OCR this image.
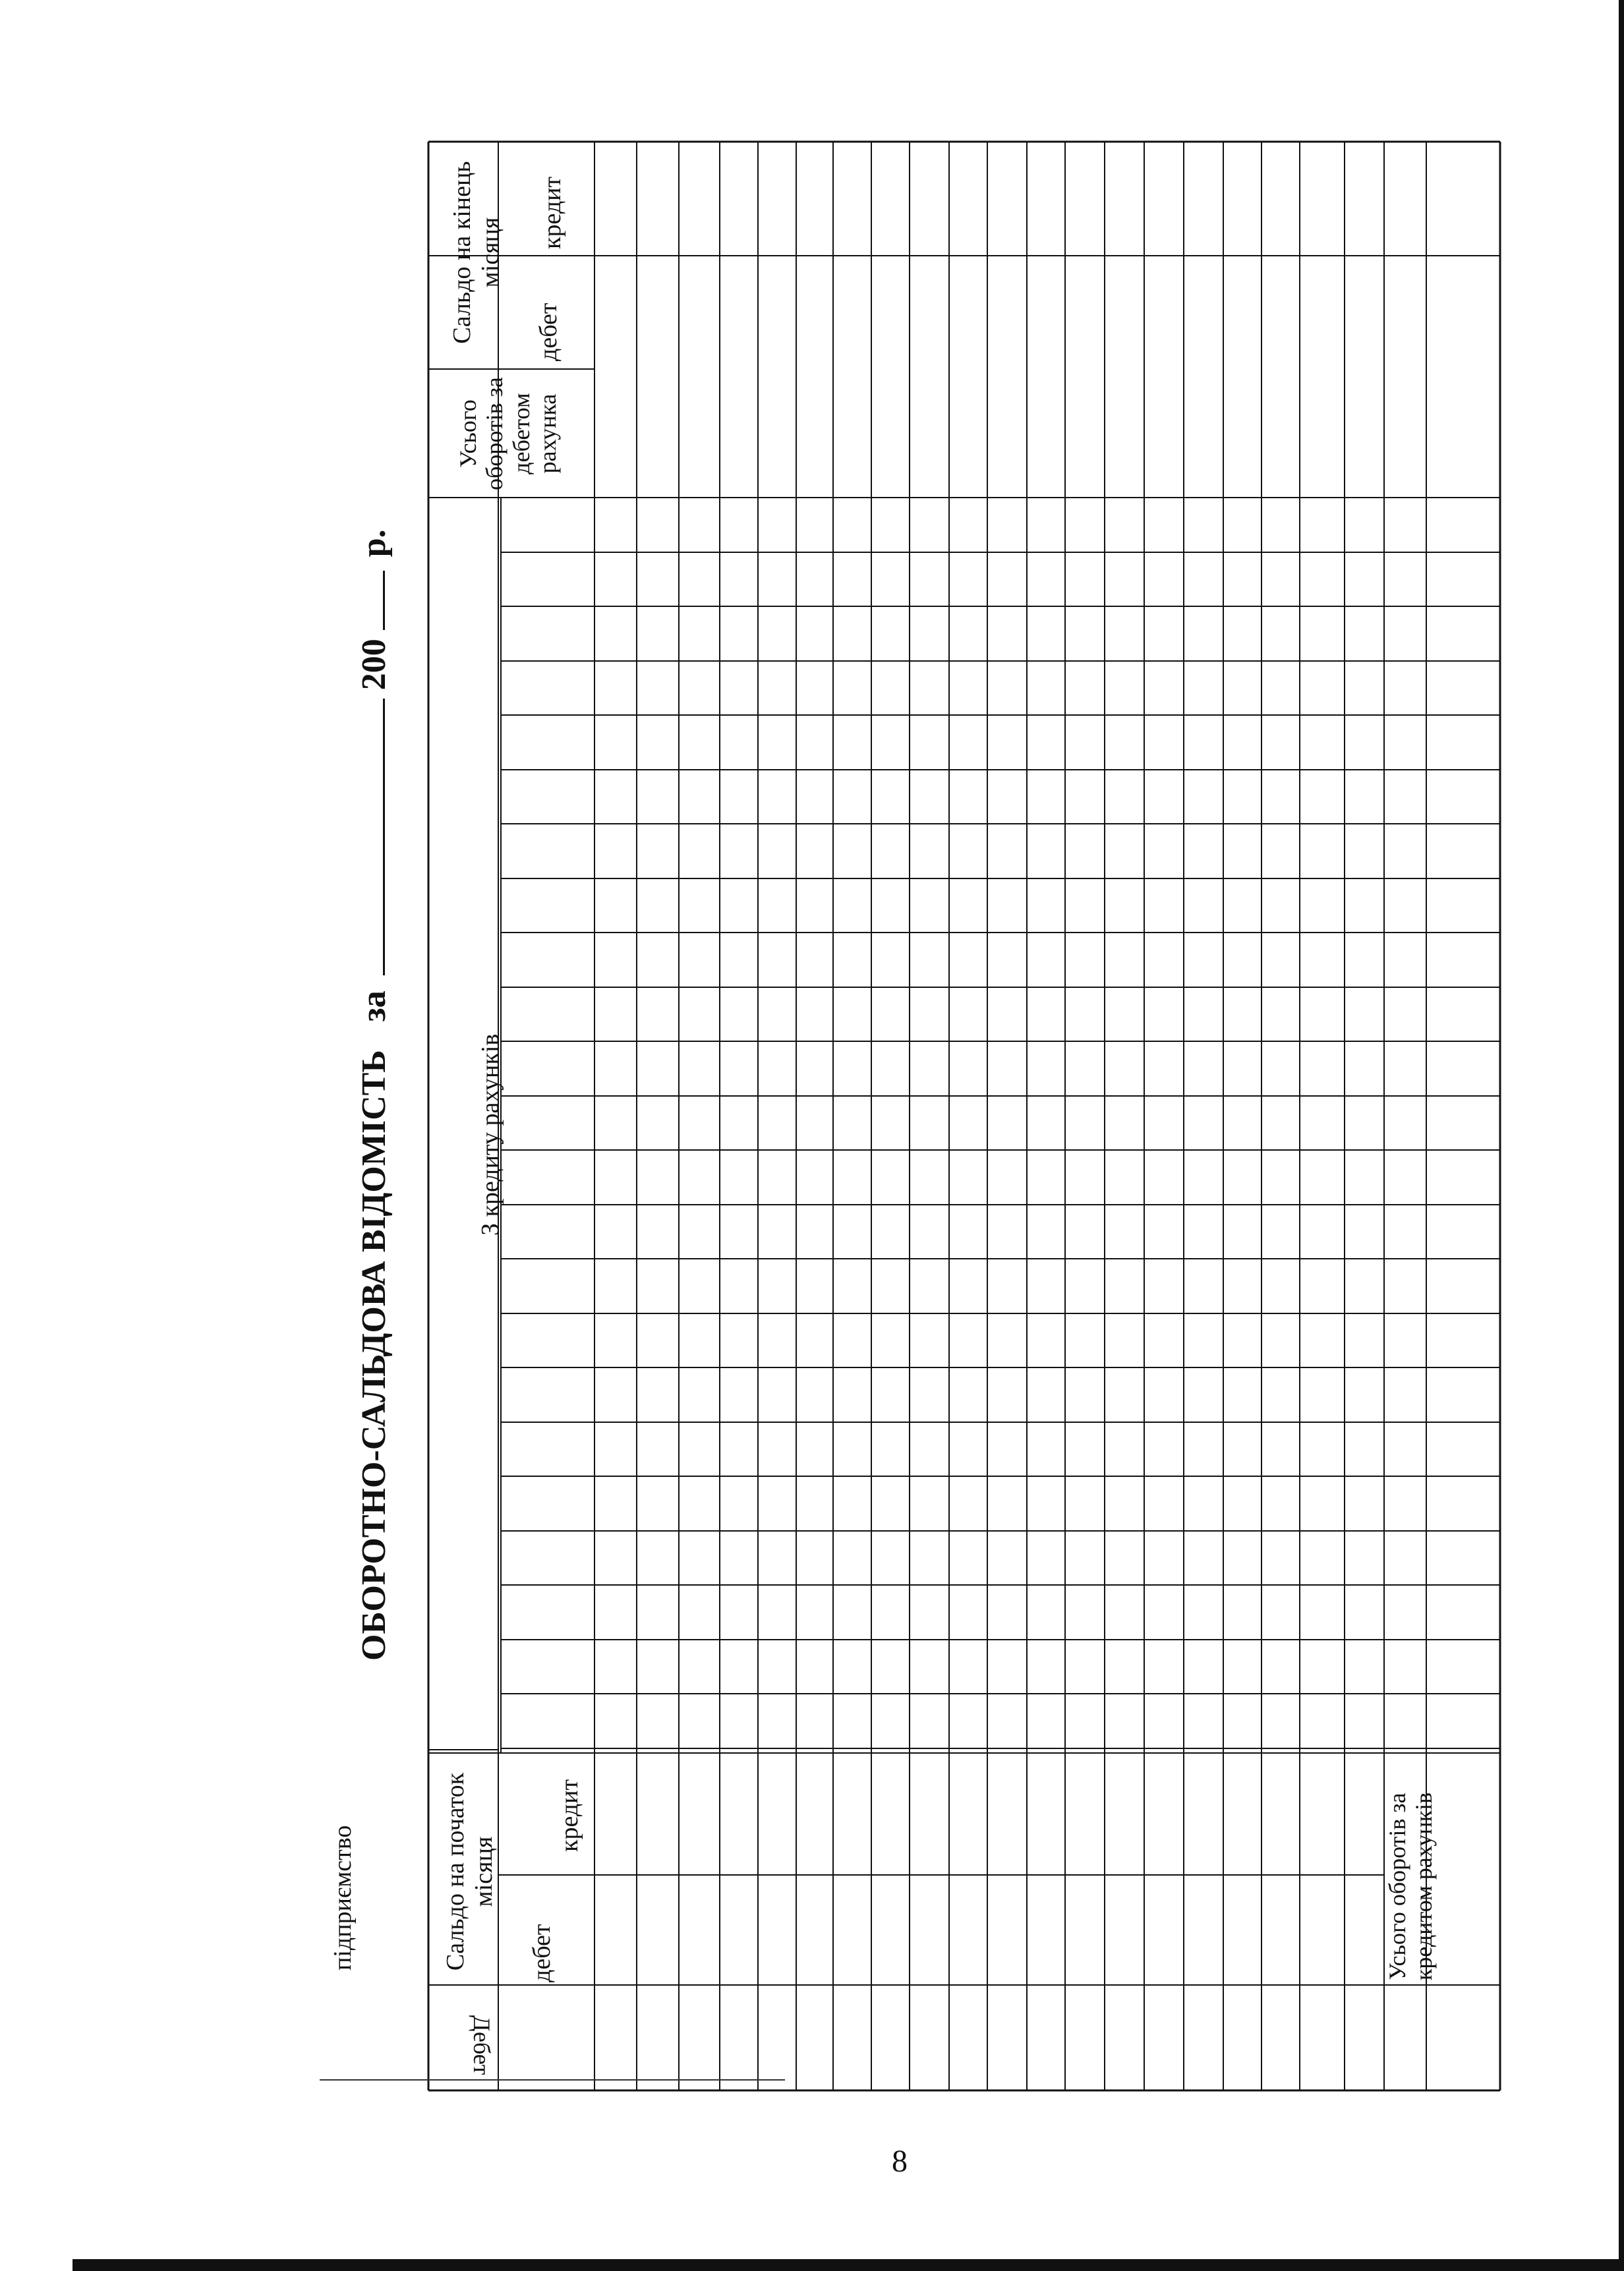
підприємство
ОБОРОТНО-САЛЬДОВА ВІДОМІСТЬ за  200  р.
Дебет
Сальдо на початок місяця
дебет
кредит
З кредиту рахунків
Усього оборотів за дебетом рахунка
Сальдо на кінець місяця
дебет
кредит
Усього оборотів за кредитом рахунків
8
